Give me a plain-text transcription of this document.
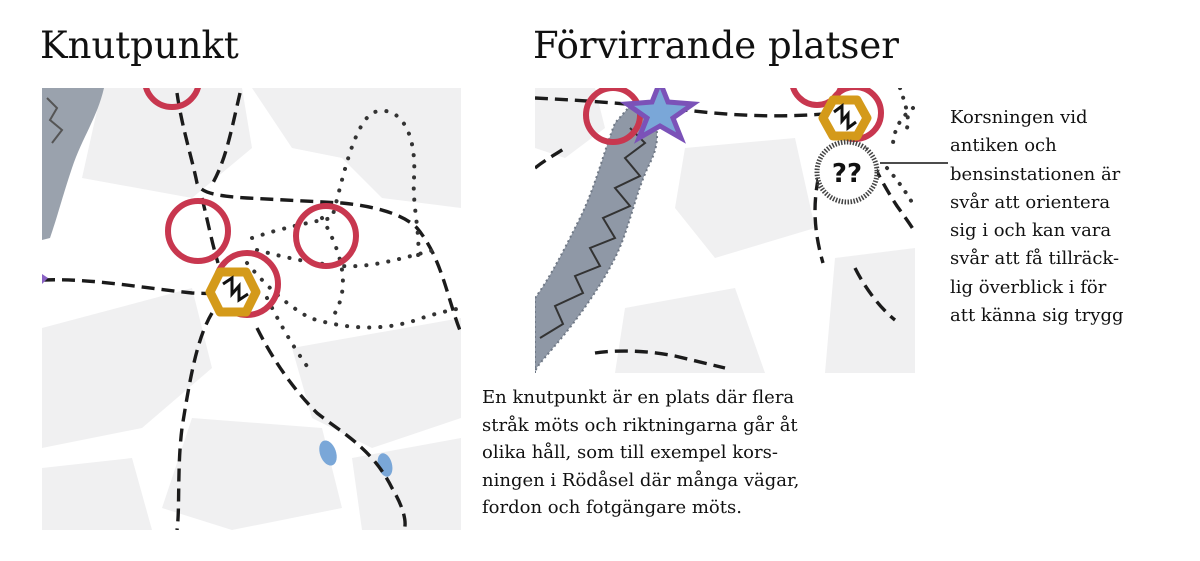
Knutpunkt	Förvirrande platser
??
Korsningen vid
antiken och
bensinstationen är
svår att orientera
sig i och kan vara
svår att få tillräck-
lig överblick i för
att känna sig trygg
En knutpunkt är en plats där flera
stråk möts och riktningarna går åt
olika håll, som till exempel kors-
ningen i Rödåsel där många vägar,
fordon och fotgängare möts.
